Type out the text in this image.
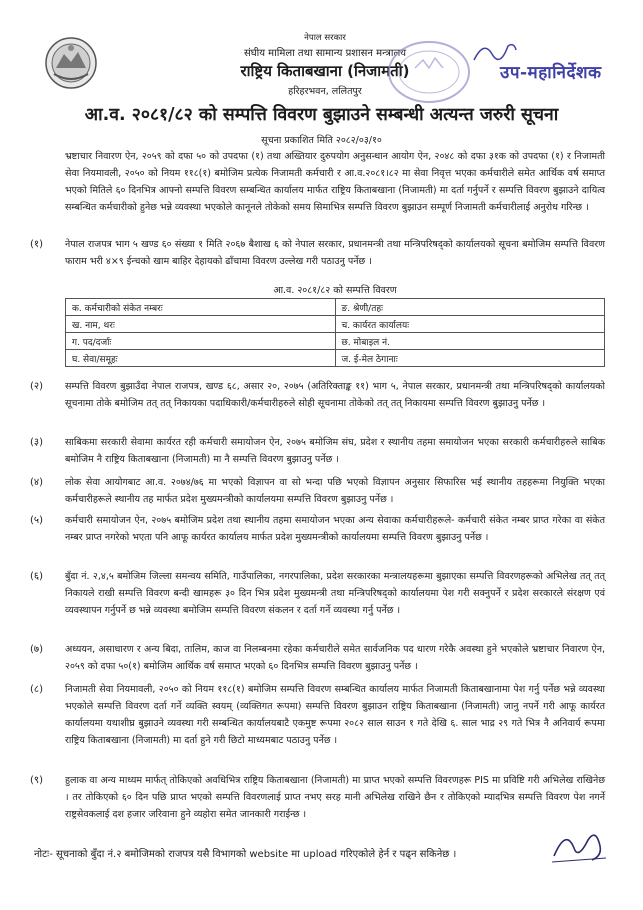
नेपाल सरकार
संघीय मामिला तथा सामान्य प्रशासन मन्त्रालय
राष्ट्रिय किताबखाना (निजामती)
हरिहरभवन, ललितपुर
उप-महानिर्देशक
आ.व. २०८१/८२ को सम्पत्ति विवरण बुझाउने सम्बन्धी अत्यन्त जरुरी सूचना
सूचना प्रकाशित मिति २०८२/०३/१०
भ्रष्टाचार निवारण ऐन, २०५९ को दफा ५० को उपदफा (१) तथा अख्तियार दुरुपयोग अनुसन्धान आयोग ऐन, २०४८ को दफा ३१क को उपदफा (१) र निजामती सेवा नियमावली, २०५० को नियम ११८(१) बमोजिम प्रत्येक निजामती कर्मचारी र आ.व.२०८१।८२ मा सेवा निवृत्त भएका कर्मचारीले समेत आर्थिक वर्ष समाप्त भएको मितिले ६० दिनभित्र आफ्नो सम्पत्ति विवरण सम्बन्धित कार्यालय मार्फत राष्ट्रिय किताबखाना (निजामती) मा दर्ता गर्नुपर्ने र सम्पत्ति विवरण बुझाउने दायित्व सम्बन्धित कर्मचारीको हुनेछ भन्ने व्यवस्था भएकोले कानूनले तोकेको समय सिमाभित्र सम्पत्ति विवरण बुझाउन सम्पूर्ण निजामती कर्मचारीलाई अनुरोध गरिन्छ ।
(१) नेपाल राजपत्र भाग ५ खण्ड ६० संख्या १ मिति २०६७ बैशाख ६ को नेपाल सरकार, प्रधानमन्त्री तथा मन्त्रिपरिषद्को कार्यालयको सूचना बमोजिम सम्पत्ति विवरण फाराम भरी ४×९ ईन्चको खाम बाहिर देहायको ढाँचामा विवरण उल्लेख गरी पठाउनु पर्नेछ ।
आ.व. २०८१/८२ को सम्पत्ति विवरण
क. कर्मचारीको संकेत नम्बरः	ङ. श्रेणी/तहः
ख. नाम, थरः	च. कार्यरत कार्यालयः
ग. पद/दर्जाः	छ. मोबाइल नं.
घ. सेवा/समूहः	ज. ई-मेल ठेगानाः
(२) सम्पत्ति विवरण बुझाउँदा नेपाल राजपत्र, खण्ड ६८, असार २०, २०७५ (अतिरिक्ताङ्क ११) भाग ५, नेपाल सरकार, प्रधानमन्त्री तथा मन्त्रिपरिषद्को कार्यालयको सूचनामा तोके बमोजिम तत् तत् निकायका पदाधिकारी/कर्मचारीहरुले सोही सूचनामा तोकेको तत् तत् निकायमा सम्पत्ति विवरण बुझाउनु पर्नेछ ।
(३) साबिकमा सरकारी सेवामा कार्यरत रही कर्मचारी समायोजन ऐन, २०७५ बमोजिम संघ, प्रदेश र स्थानीय तहमा समायोजन भएका सरकारी कर्मचारीहरुले साबिक बमोजिम नै राष्ट्रिय किताबखाना (निजामती) मा नै सम्पत्ति विवरण बुझाउनु पर्नेछ ।
(४) लोक सेवा आयोगबाट आ.व. २०७४/७६ मा भएको विज्ञापन वा सो भन्दा पछि भएको विज्ञापन अनुसार सिफारिस भई स्थानीय तहहरूमा नियुक्ति भएका कर्मचारीहरूले स्थानीय तह मार्फत प्रदेश मुख्यमन्त्रीको कार्यालयमा सम्पत्ति विवरण बुझाउनु पर्नेछ ।
(५) कर्मचारी समायोजन ऐन, २०७५ बमोजिम प्रदेश तथा स्थानीय तहमा समायोजन भएका अन्य सेवाका कर्मचारीहरूले- कर्मचारी संकेत नम्बर प्राप्त गरेका वा संकेत नम्बर प्राप्त नगरेको भएता पनि आफू कार्यरत कार्यालय मार्फत प्रदेश मुख्यमन्त्रीको कार्यालयमा सम्पत्ति विवरण बुझाउनु पर्नेछ ।
(६) बुँदा नं. २,४,५ बमोजिम जिल्ला समन्वय समिति, गाउँपालिका, नगरपालिका, प्रदेश सरकारका मन्त्रालयहरूमा बुझाएका सम्पत्ति विवरणहरूको अभिलेख तत् तत् निकायले राखी सम्पत्ति विवरण बन्दी खामहरू ३० दिन भित्र प्रदेश मुख्यमन्त्री तथा मन्त्रिपरिषद्को कार्यालयमा पेश गरी सक्नुपर्ने र प्रदेश सरकारले संरक्षण एवं व्यवस्थापन गर्नुपर्ने छ भन्ने व्यवस्था बमोजिम सम्पत्ति विवरण संकलन र दर्ता गर्ने व्यवस्था गर्नु पर्नेछ ।
(७) अध्ययन, असाधारण र अन्य बिदा, तालिम, काज वा निलम्बनमा रहेका कर्मचारीले समेत सार्वजनिक पद धारण गरेकै अवस्था हुने भएकोले भ्रष्टाचार निवारण ऐन, २०५९ को दफा ५०(१) बमोजिम आर्थिक वर्ष समाप्त भएको ६० दिनभित्र सम्पत्ति विवरण बुझाउनु पर्नेछ ।
(८) निजामती सेवा नियमावली, २०५० को नियम ११८(१) बमोजिम सम्पत्ति विवरण सम्बन्धित कार्यालय मार्फत निजामती किताबखानामा पेश गर्नु पर्नेछ भन्ने व्यवस्था भएकोले सम्पत्ति विवरण दर्ता गर्ने व्यक्ति स्वयम् (व्यक्तिगत रूपमा) सम्पत्ति विवरण बुझाउन राष्ट्रिय किताबखाना (निजामती) जानु नपर्ने गरी आफू कार्यरत कार्यालयमा यथाशीघ्र बुझाउने व्यवस्था गरी सम्बन्धित कार्यालयबाटै एकमुष्ट रूपमा २०८२ साल साउन १ गते देखि ६. साल भाद्र २९ गते भित्र नै अनिवार्य रूपमा राष्ट्रिय किताबखाना (निजामती) मा दर्ता हुने गरी छिटो माध्यमबाट पठाउनु पर्नेछ ।
(९) हुलाक वा अन्य माध्यम मार्फत् तोकिएको अवधिभित्र राष्ट्रिय किताबखाना (निजामती) मा प्राप्त भएको सम्पत्ति विवरणहरू PIS मा प्रविष्टि गरी अभिलेख राखिनेछ । तर तोकिएको ६० दिन पछि प्राप्त भएको सम्पत्ति विवरणलाई प्राप्त नभए सरह मानी अभिलेख राखिने छैन र तोकिएको म्यादभित्र सम्पत्ति विवरण पेश नगर्ने राष्ट्रसेवकलाई दश हजार जरिवाना हुने व्यहोरा समेत जानकारी गराईन्छ ।
नोटः- सूचनाको बुँदा नं.२ बमोजिमको राजपत्र यसै विभागको website मा upload गरिएकोले हेर्न र पढ्न सकिनेछ ।
